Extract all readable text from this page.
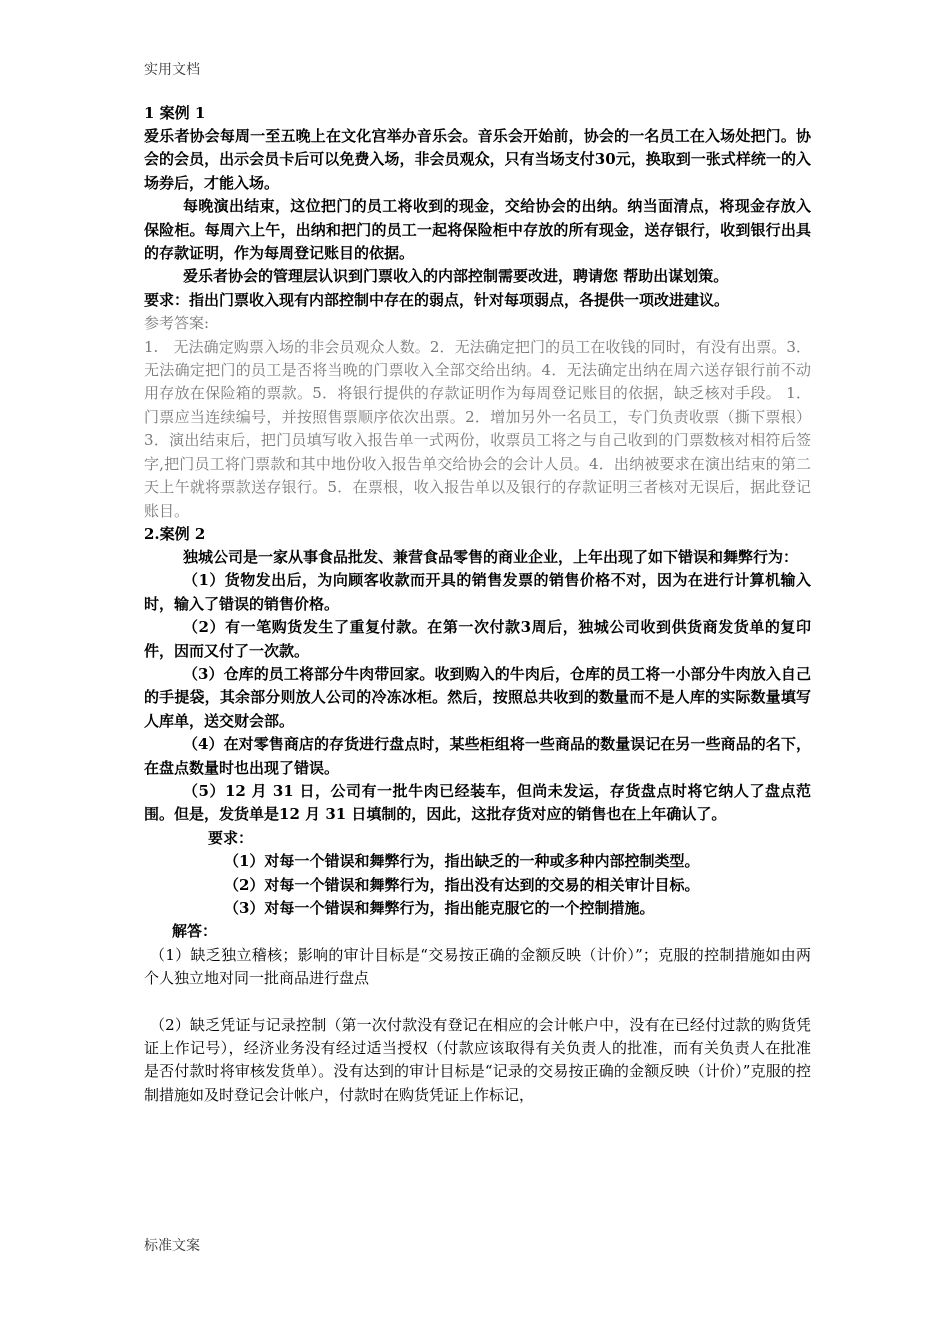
实用文档
1 案例 1

爱乐者协会每周一至五晚上在文化宫举办音乐会。音乐会开始前，协会的一名员工在入场处把门。协会的会员，出示会员卡后可以免费入场，非会员观众，只有当场支付30元，换取到一张式样统一的入场券后，才能入场。

每晚演出结束，这位把门的员工将收到的现金，交给协会的出纳。纳当面清点，将现金存放入保险柜。每周六上午，出纳和把门的员工一起将保险柜中存放的所有现金，送存银行，收到银行出具的存款证明，作为每周登记账目的依据。

爱乐者协会的管理层认识到门票收入的内部控制需要改进，聘请您 帮助出谋划策。

要求：指出门票收入现有内部控制中存在的弱点，针对每项弱点，各提供一项改进建议。

参考答案:

1.　无法确定购票入场的非会员观众人数。2．无法确定把门的员工在收钱的同时，有没有出票。3．无法确定把门的员工是否将当晚的门票收入全部交给出纳。4．无法确定出纳在周六送存银行前不动用存放在保险箱的票款。5．将银行提供的存款证明作为每周登记账目的依据，缺乏核对手段。 1．门票应当连续编号，并按照售票顺序依次出票。2．增加另外一名员工，专门负责收票（撕下票根）3．演出结束后，把门员填写收入报告单一式两份，收票员工将之与自己收到的门票数核对相符后签字,把门员工将门票款和其中地份收入报告单交给协会的会计人员。4．出纳被要求在演出结束的第二天上午就将票款送存银行。5．在票根，收入报告单以及银行的存款证明三者核对无误后，据此登记账目。

2.案例 2

独城公司是一家从事食品批发、兼营食品零售的商业企业，上年出现了如下错误和舞弊行为：

（1）货物发出后，为向顾客收款而开具的销售发票的销售价格不对，因为在进行计算机输入时，输入了错误的销售价格。

（2）有一笔购货发生了重复付款。在第一次付款3周后，独城公司收到供货商发货单的复印件，因而又付了一次款。

（3）仓库的员工将部分牛肉带回家。收到购入的牛肉后，仓库的员工将一小部分牛肉放入自己的手提袋，其余部分则放人公司的冷冻冰柜。然后，按照总共收到的数量而不是人库的实际数量填写人库单，送交财会部。

（4）在对零售商店的存货进行盘点时，某些柜组将一些商品的数量误记在另一些商品的名下，在盘点数量时也出现了错误。

（5）12 月 31 日，公司有一批牛肉已经装车，但尚未发运，存货盘点时将它纳人了盘点范围。但是，发货单是12 月 31 日填制的，因此，这批存货对应的销售也在上年确认了。

要求：

（1）对每一个错误和舞弊行为，指出缺乏的一种或多种内部控制类型。

（2）对每一个错误和舞弊行为，指出没有达到的交易的相关审计目标。

（3）对每一个错误和舞弊行为，指出能克服它的一个控制措施。

解答：

（1）缺乏独立稽核；影响的审计目标是“交易按正确的金额反映（计价）”；克服的控制措施如由两个人独立地对同一批商品进行盘点

（2）缺乏凭证与记录控制（第一次付款没有登记在相应的会计帐户中，没有在已经付过款的购货凭证上作记号），经济业务没有经过适当授权（付款应该取得有关负责人的批准，而有关负责人在批准是否付款时将审核发货单）。没有达到的审计目标是“记录的交易按正确的金额反映（计价）”克服的控制措施如及时登记会计帐户，付款时在购货凭证上作标记，

标准文案
